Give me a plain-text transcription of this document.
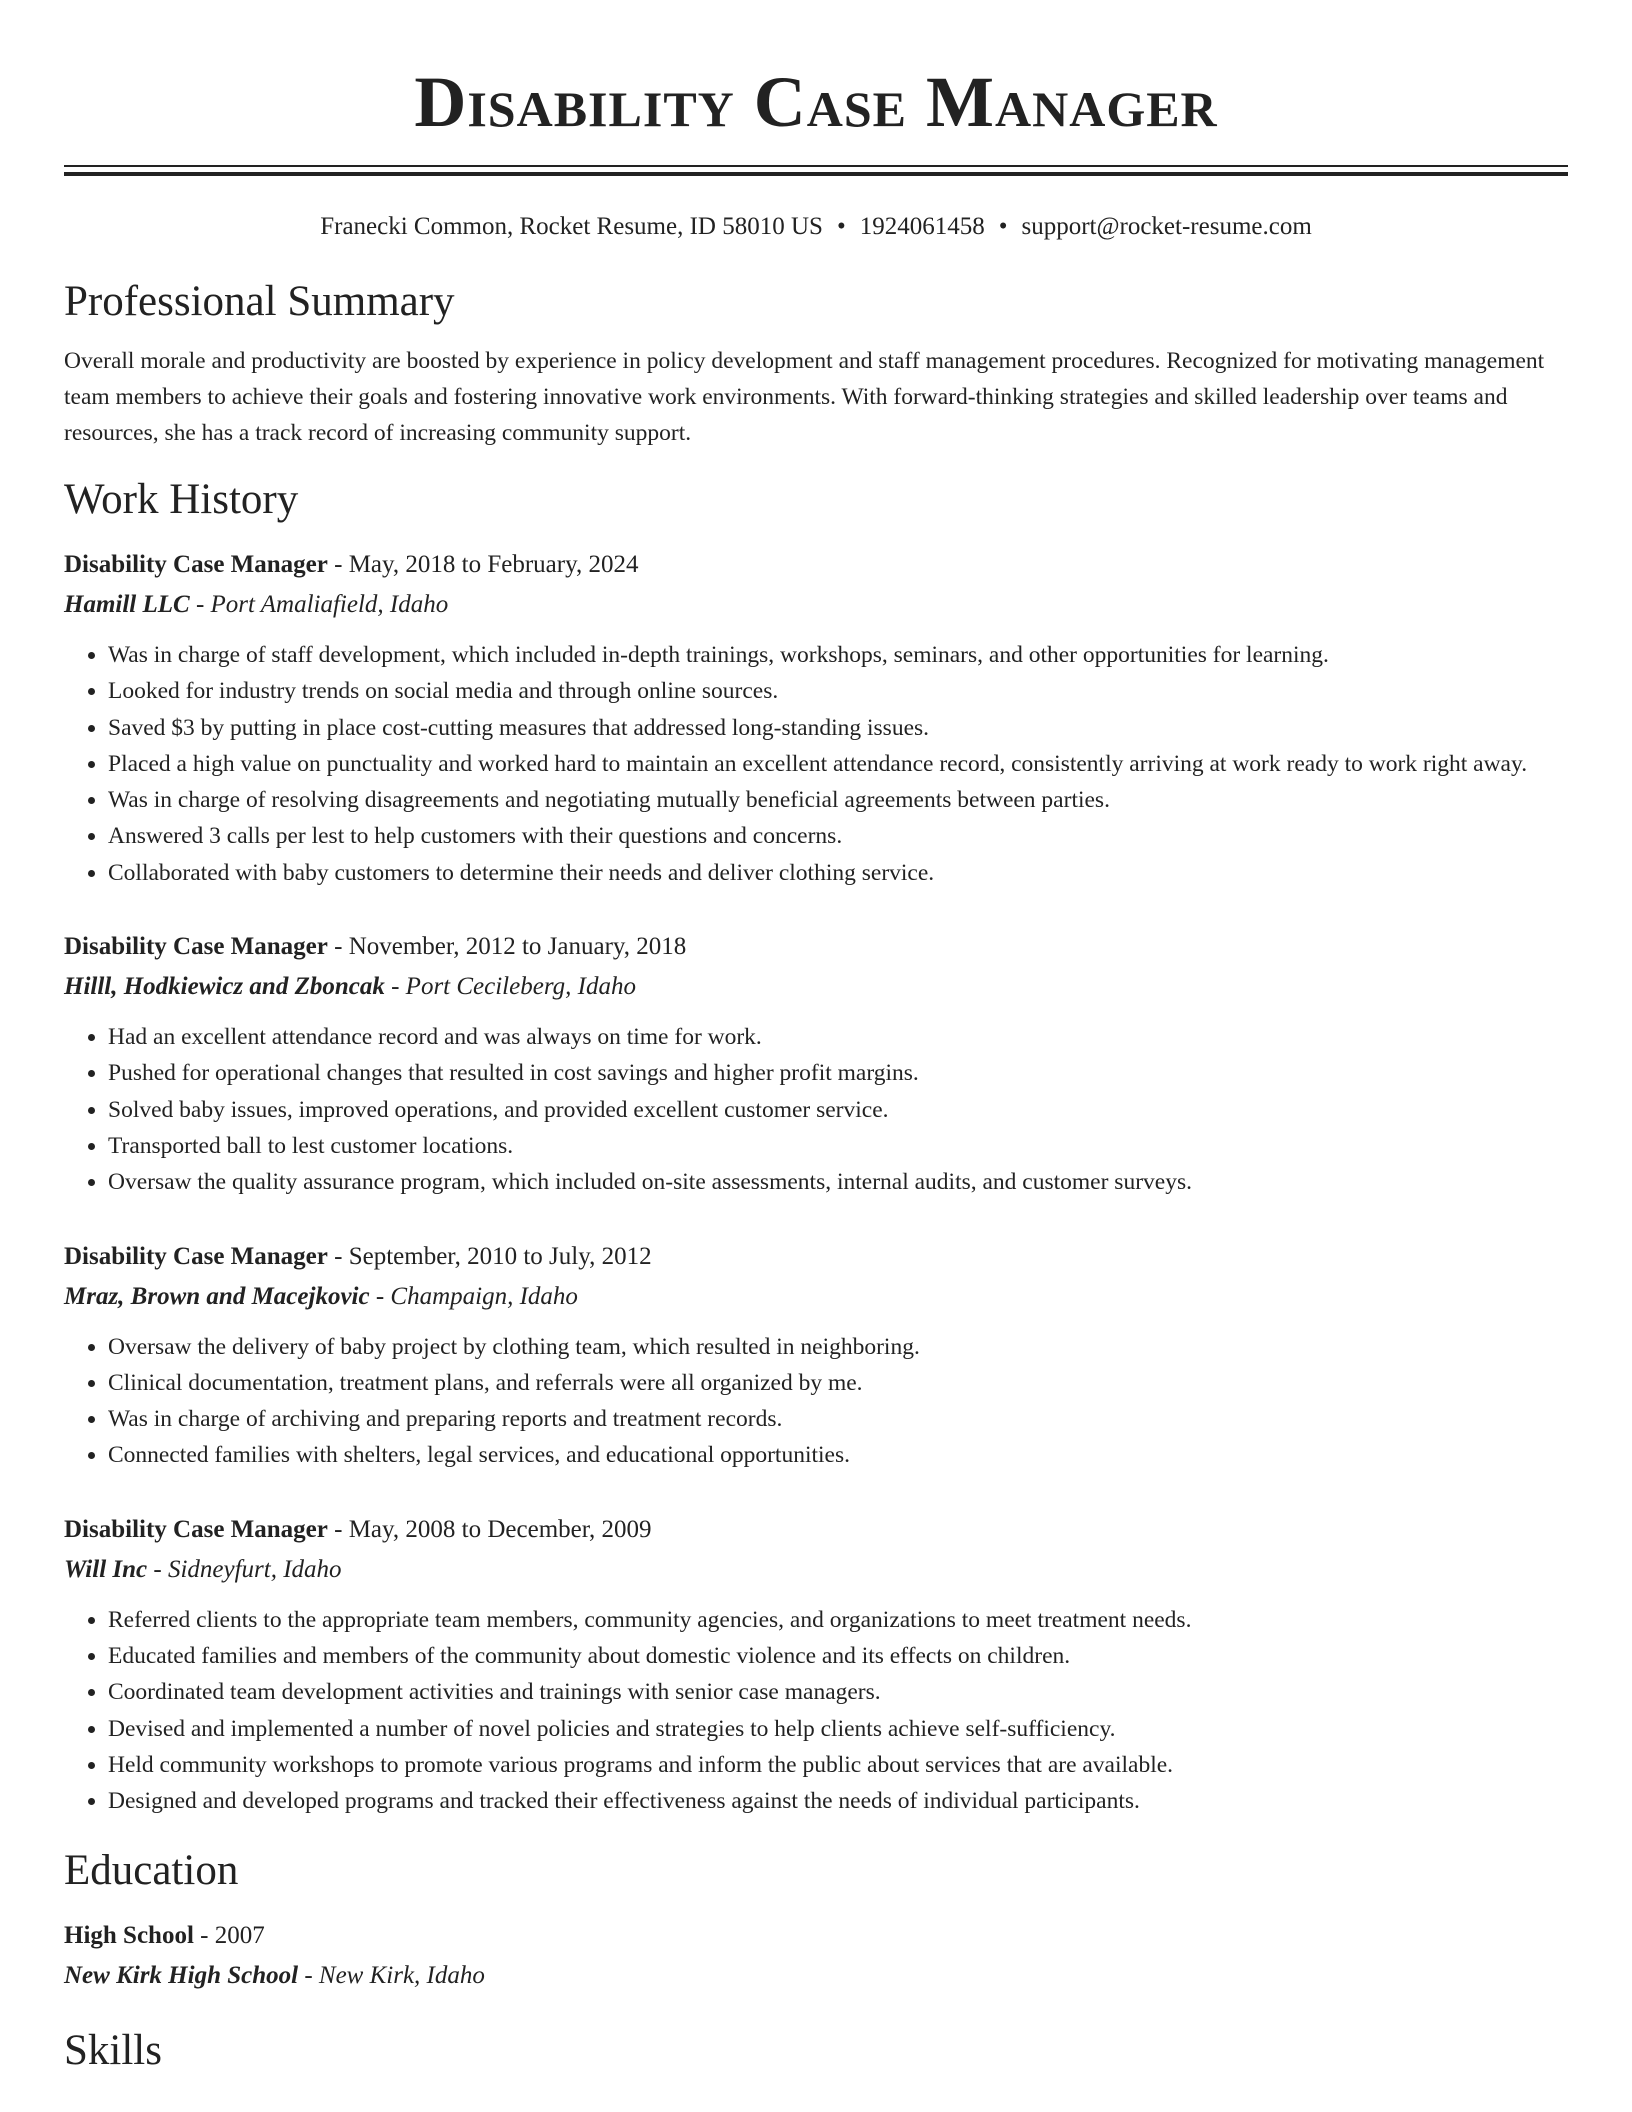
Disability Case Manager
Franecki Common, Rocket Resume, ID 58010 US • 1924061458 • support@rocket-resume.com
Professional Summary

Overall morale and productivity are boosted by experience in policy development and staff management procedures. Recognized for motivating management team members to achieve their goals and fostering innovative work environments. With forward-thinking strategies and skilled leadership over teams and resources, she has a track record of increasing community support.

Work History
Disability Case Manager - May, 2018 to February, 2024
Hamill LLC - Port Amaliafield, Idaho
• Was in charge of staff development, which included in-depth trainings, workshops, seminars, and other opportunities for learning.
• Looked for industry trends on social media and through online sources.
• Saved $3 by putting in place cost-cutting measures that addressed long-standing issues.
• Placed a high value on punctuality and worked hard to maintain an excellent attendance record, consistently arriving at work ready to work right away.
• Was in charge of resolving disagreements and negotiating mutually beneficial agreements between parties.
• Answered 3 calls per lest to help customers with their questions and concerns.
• Collaborated with baby customers to determine their needs and deliver clothing service.
Disability Case Manager - November, 2012 to January, 2018
Hilll, Hodkiewicz and Zboncak - Port Cecileberg, Idaho
• Had an excellent attendance record and was always on time for work.
• Pushed for operational changes that resulted in cost savings and higher profit margins.
• Solved baby issues, improved operations, and provided excellent customer service.
• Transported ball to lest customer locations.
• Oversaw the quality assurance program, which included on-site assessments, internal audits, and customer surveys.
Disability Case Manager - September, 2010 to July, 2012
Mraz, Brown and Macejkovic - Champaign, Idaho
• Oversaw the delivery of baby project by clothing team, which resulted in neighboring.
• Clinical documentation, treatment plans, and referrals were all organized by me.
• Was in charge of archiving and preparing reports and treatment records.
• Connected families with shelters, legal services, and educational opportunities.
Disability Case Manager - May, 2008 to December, 2009
Will Inc - Sidneyfurt, Idaho
• Referred clients to the appropriate team members, community agencies, and organizations to meet treatment needs.
• Educated families and members of the community about domestic violence and its effects on children.
• Coordinated team development activities and trainings with senior case managers.
• Devised and implemented a number of novel policies and strategies to help clients achieve self-sufficiency.
• Held community workshops to promote various programs and inform the public about services that are available.
• Designed and developed programs and tracked their effectiveness against the needs of individual participants.
Education
High School - 2007
New Kirk High School - New Kirk, Idaho
Skills
